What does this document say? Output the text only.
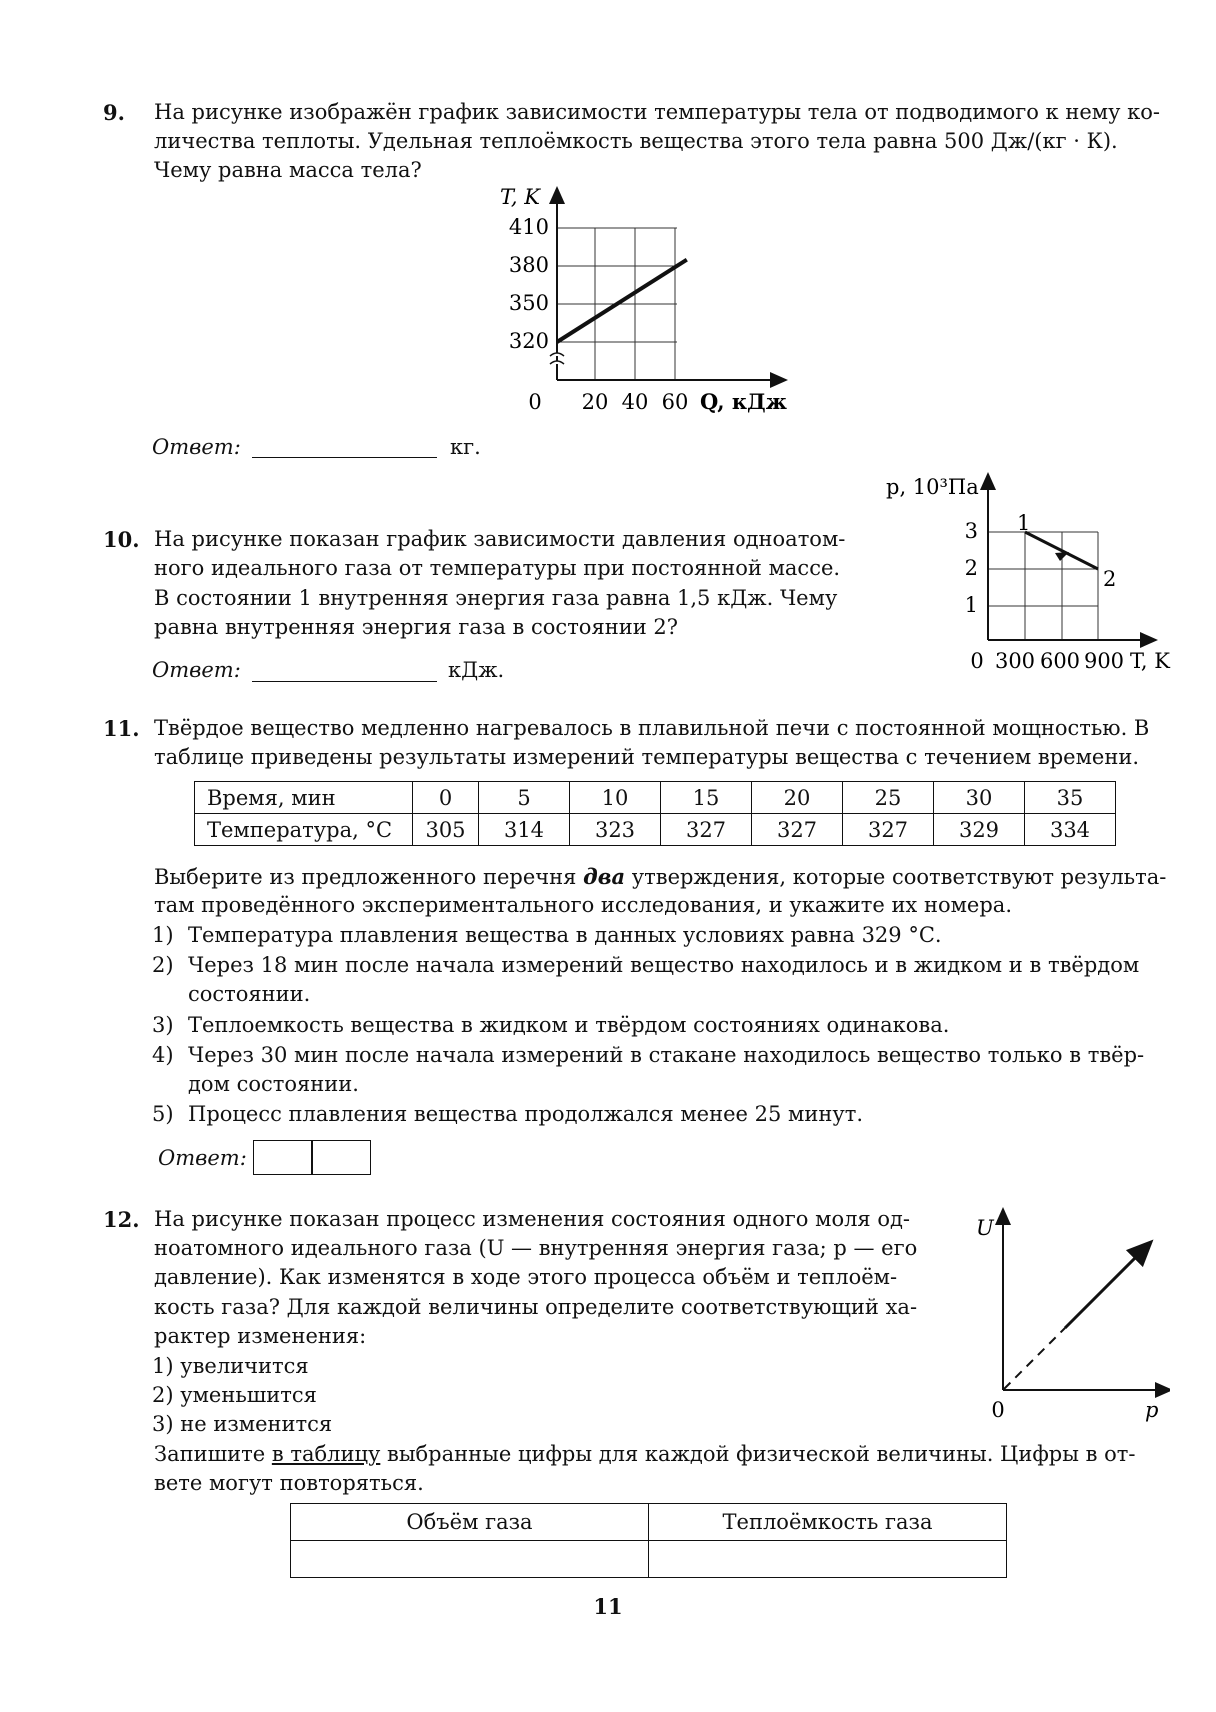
9. На рисунке изображён график зависимости температуры тела от подводимого к нему ко-
личества теплоты. Удельная теплоёмкость вещества этого тела равна 500 Дж/(кг · К).
Чему равна масса тела?
320
350
380
410
0 20 40 60 Q, кДж
T, K
Ответ:	кг.
10. На рисунке показан график зависимости давления одноатом-
ного идеального газа от температуры при постоянной массе.
В состоянии 1 внутренняя энергия газа равна 1,5 кДж. Чему
равна внутренняя энергия газа в состоянии 2?
p, 10³Па
3
2
1
0 300 600 900 T, K
1
2
Ответ:	кДж.
11. Твёрдое вещество медленно нагревалось в плавильной печи с постоянной мощностью. В
таблице приведены результаты измерений температуры вещества с течением времени.
Время, мин	0	5	10	15	20	25	30	35
Температура, °С	305	314	323	327	327	327	329	334
Выберите из предложенного перечня два утверждения, которые соответствуют результа-
там проведённого экспериментального исследования, и укажите их номера.
1) Температура плавления вещества в данных условиях равна 329 °С.
2) Через 18 мин после начала измерений вещество находилось и в жидком и в твёрдом
состоянии.
3) Теплоемкость вещества в жидком и твёрдом состояниях одинакова.
4) Через 30 мин после начала измерений в стакане находилось вещество только в твёр-
дом состоянии.
5) Процесс плавления вещества продолжался менее 25 минут.
Ответ:
12. На рисунке показан процесс изменения состояния одного моля од-
ноатомного идеального газа (U — внутренняя энергия газа; p — его
давление). Как изменятся в ходе этого процесса объём и теплоём-
кость газа? Для каждой величины определите соответствующий ха-
рактер изменения:
1) увеличится
2) уменьшится
3) не изменится
Запишите в таблицу выбранные цифры для каждой физической величины. Цифры в от-
вете могут повторяться.
U
p
0
Объём газа	Теплоёмкость газа

11
